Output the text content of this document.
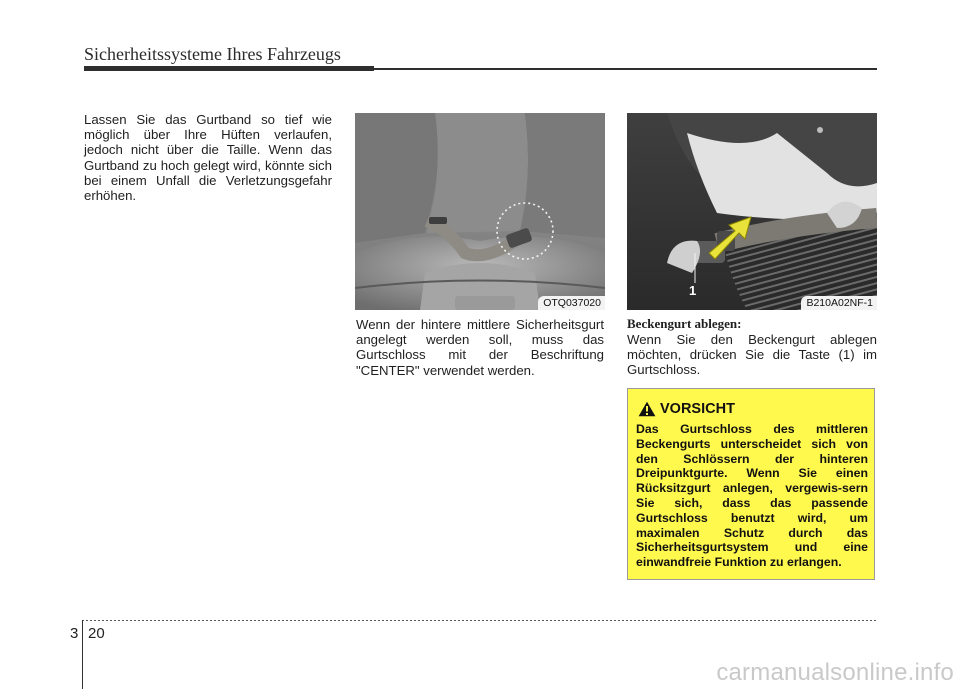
Sicherheitssysteme Ihres Fahrzeugs

Lassen Sie das Gurtband so tief wie möglich über Ihre Hüften verlaufen, jedoch nicht über die Taille. Wenn das Gurtband zu hoch gelegt wird, könnte sich bei einem Unfall die Verletzungsgefahr erhöhen.

OTQ037020

Wenn der hintere mittlere Sicherheitsgurt angelegt werden soll, muss das Gurtschloss mit der Beschriftung "CENTER" verwendet werden.

1
B210A02NF-1
Beckengurt ablegen:

Wenn Sie den Beckengurt ablegen möchten, drücken Sie die Taste (1) im Gurtschloss.

VORSICHT
Das Gurtschloss des mittleren Beckengurts unterscheidet sich von den Schlössern der hinteren Dreipunktgurte. Wenn Sie einen Rücksitzgurt anlegen, vergewis-sern Sie sich, dass das passende Gurtschloss benutzt wird, um maximalen Schutz durch das Sicherheitsgurtsystem und eine einwandfreie Funktion zu erlangen.
3 20
carmanualsonline.info
